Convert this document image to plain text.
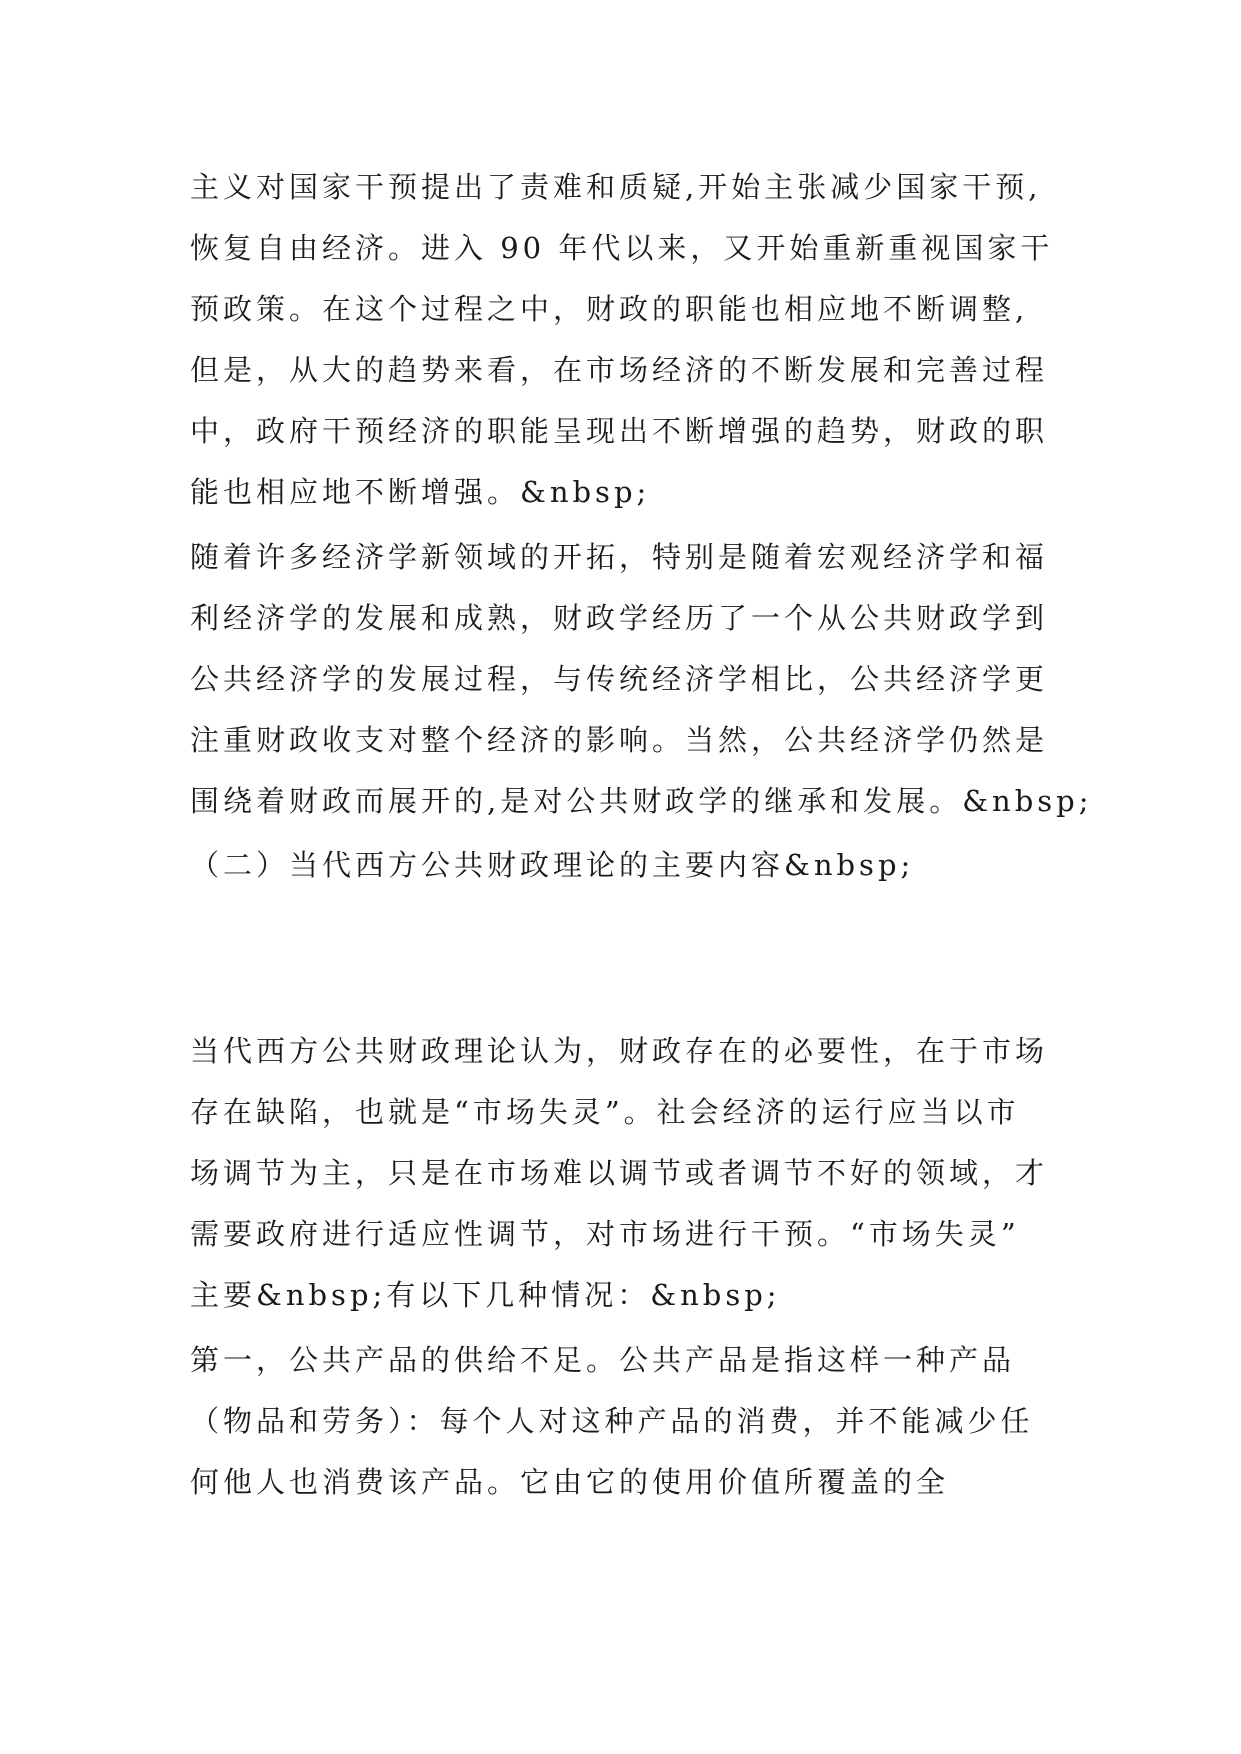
主义对国家干预提出了责难和质疑,开始主张减少国家干预,
恢复自由经济。进入 90 年代以来，又开始重新重视国家干
预政策。在这个过程之中，财政的职能也相应地不断调整,
但是，从大的趋势来看，在市场经济的不断发展和完善过程
中，政府干预经济的职能呈现出不断增强的趋势，财政的职
能也相应地不断增强。&nbsp;

随着许多经济学新领域的开拓，特别是随着宏观经济学和福
利经济学的发展和成熟，财政学经历了一个从公共财政学到
公共经济学的发展过程，与传统经济学相比，公共经济学更
注重财政收支对整个经济的影响。当然，公共经济学仍然是
围绕着财政而展开的,是对公共财政学的继承和发展。&nbsp;

（二）当代西方公共财政理论的主要内容&nbsp;

当代西方公共财政理论认为，财政存在的必要性，在于市场
存在缺陷，也就是“市场失灵”。社会经济的运行应当以市
场调节为主，只是在市场难以调节或者调节不好的领域，才
需要政府进行适应性调节，对市场进行干预。“市场失灵”
主要&nbsp;有以下几种情况：&nbsp;

第一，公共产品的供给不足。公共产品是指这样一种产品
（物品和劳务）：每个人对这种产品的消费，并不能减少任
何他人也消费该产品。它由它的使用价值所覆盖的全
